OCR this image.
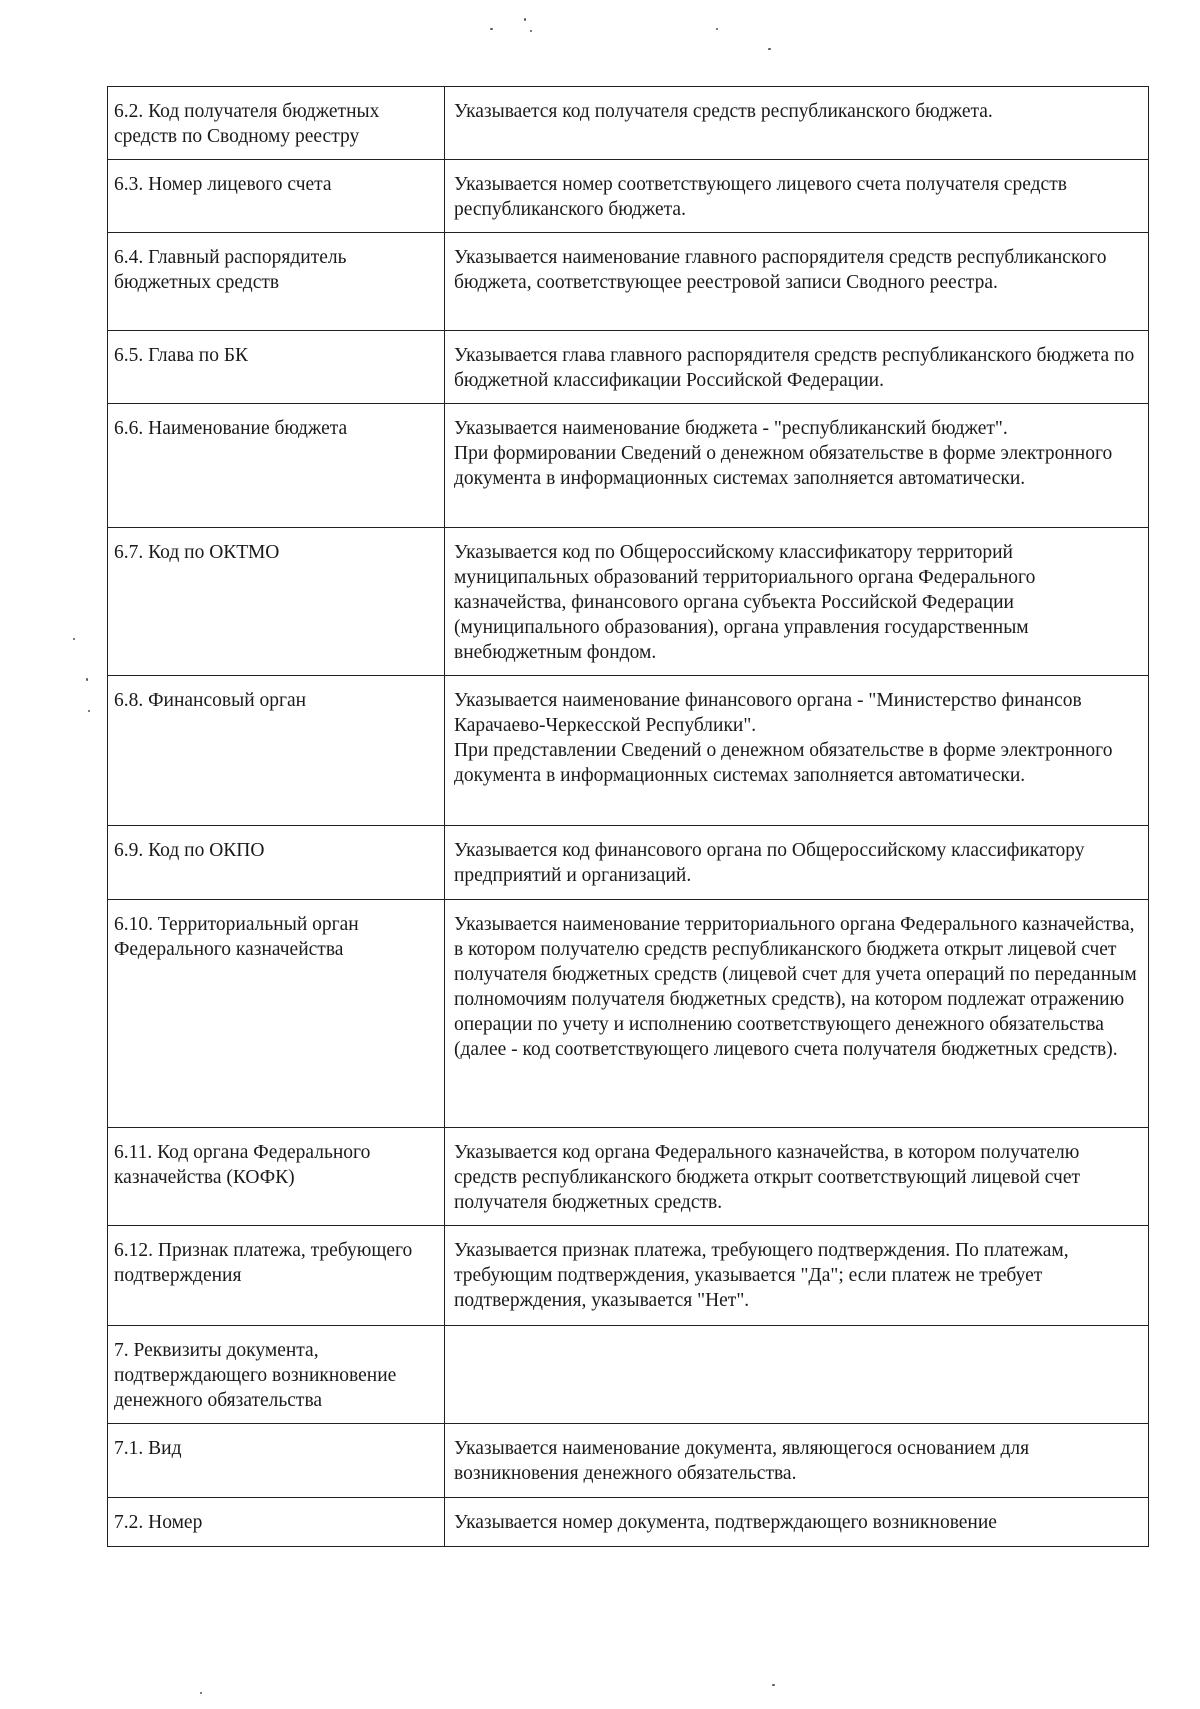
6.2. Код получателя бюджетных средств по Сводному реестру	Указывается код получателя средств республиканского бюджета.

6.3. Номер лицевого счета	Указывается номер соответствующего лицевого счета получателя средств республиканского бюджета.

6.4. Главный распорядитель бюджетных средств	Указывается наименование главного распорядителя средств республиканского бюджета, соответствующее реестровой записи Сводного реестра.

6.5. Глава по БК	Указывается глава главного распорядителя средств республиканского бюджета по бюджетной классификации Российской Федерации.

6.6. Наименование бюджета	Указывается наименование бюджета - "республиканский бюджет".
При формировании Сведений о денежном обязательстве в форме электронного документа в информационных системах заполняется автоматически.

6.7. Код по ОКТМО	Указывается код по Общероссийскому классификатору территорий муниципальных образований территориального органа Федерального казначейства, финансового органа субъекта Российской Федерации (муниципального образования), органа управления государственным внебюджетным фондом.

6.8. Финансовый орган	Указывается наименование финансового органа - "Министерство финансов Карачаево-Черкесской Республики".
При представлении Сведений о денежном обязательстве в форме электронного документа в информационных системах заполняется автоматически.

6.9. Код по ОКПО	Указывается код финансового органа по Общероссийскому классификатору предприятий и организаций.

6.10. Территориальный орган Федерального казначейства	Указывается наименование территориального органа Федерального казначейства, в котором получателю средств республиканского бюджета открыт лицевой счет получателя бюджетных средств (лицевой счет для учета операций по переданным полномочиям получателя бюджетных средств), на котором подлежат отражению операции по учету и исполнению соответствующего денежного обязательства (далее - код соответствующего лицевого счета получателя бюджетных средств).

6.11. Код органа Федерального казначейства (КОФК)	Указывается код органа Федерального казначейства, в котором получателю средств республиканского бюджета открыт соответствующий лицевой счет получателя бюджетных средств.

6.12. Признак платежа, требующего подтверждения	Указывается признак платежа, требующего подтверждения. По платежам, требующим подтверждения, указывается "Да"; если платеж не требует подтверждения, указывается "Нет".

7. Реквизиты документа, подтверждающего возникновение денежного обязательства	
7.1. Вид	Указывается наименование документа, являющегося основанием для возникновения денежного обязательства.

7.2. Номер	Указывается номер документа, подтверждающего возникновение
